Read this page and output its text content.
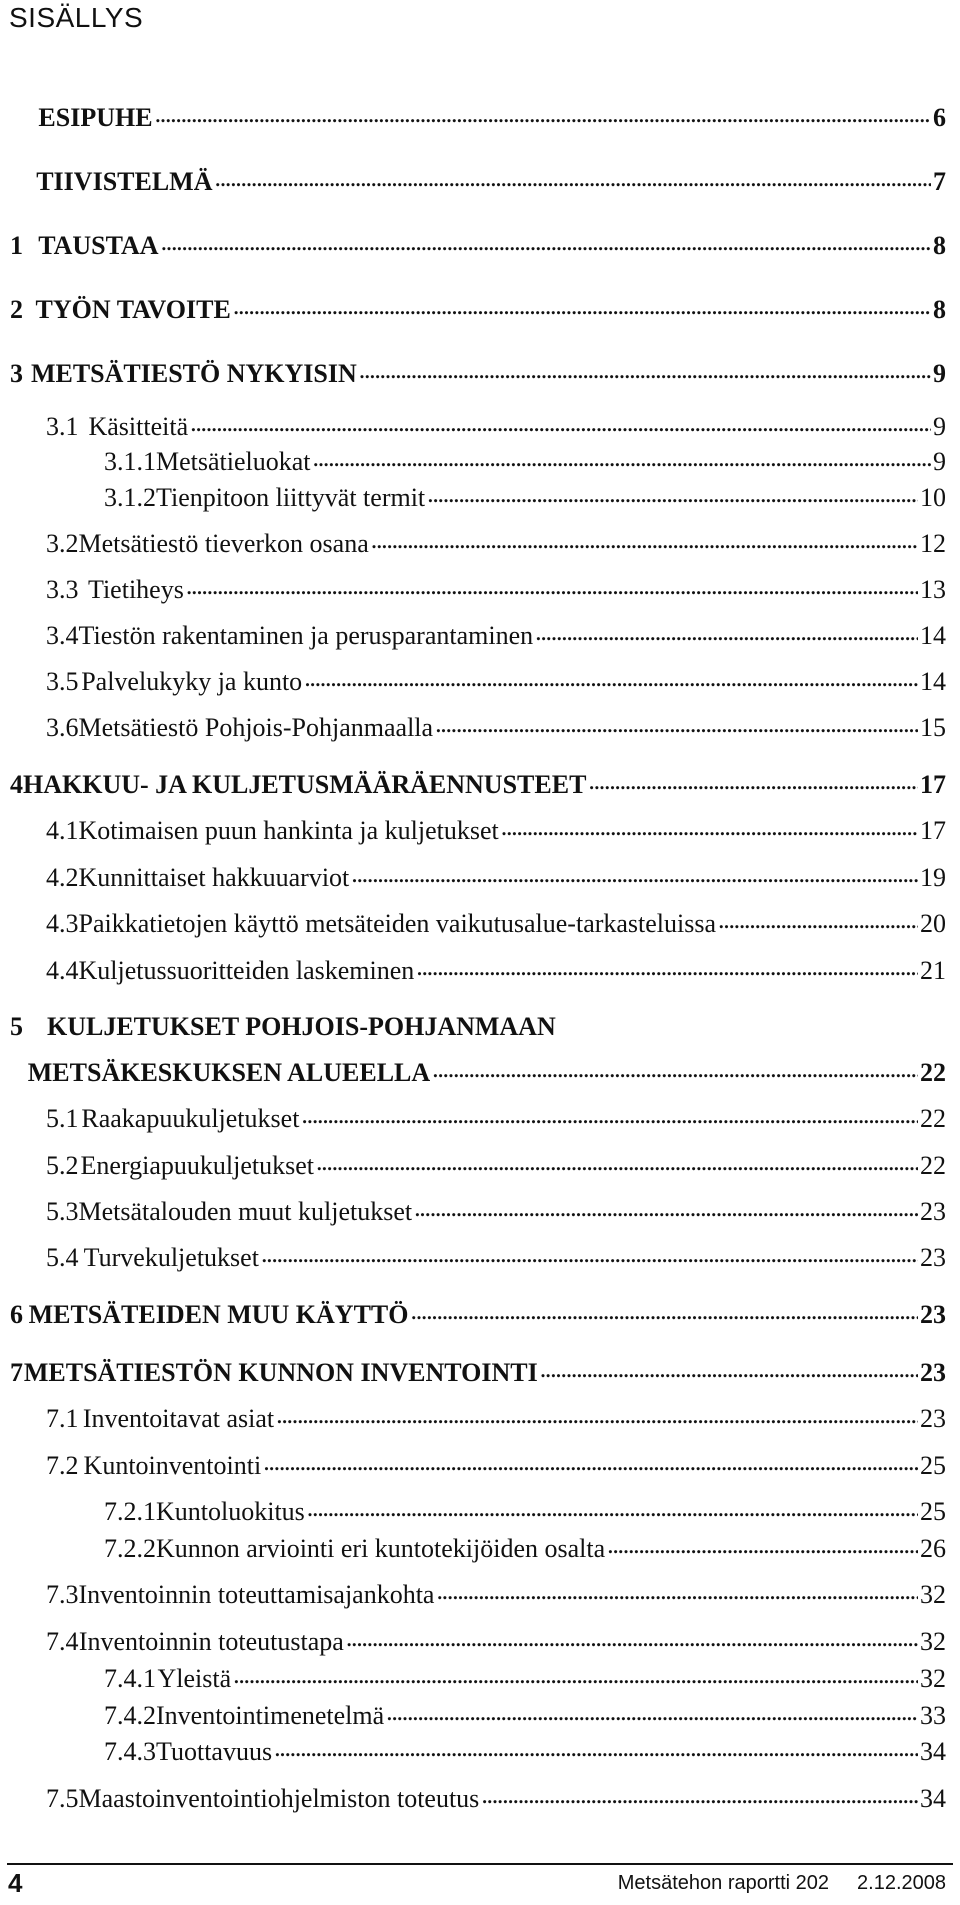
SISÄLLYS
ESIPUHE . . .	6
TIIVISTELMÄ . . .	7
1 TAUSTAA . . .	8
2 TYÖN TAVOITE . . .	8
3 METSÄTIESTÖ NYKYISIN . . .	9
3.1 Käsitteitä . . .	9
3.1.1 Metsätieluokat . . .	9
3.1.2 Tienpitoon liittyvät termit . . .	10
3.2 Metsätiestö tieverkon osana . . .	12
3.3 Tietiheys . . .	13
3.4 Tiestön rakentaminen ja perusparantaminen . . .	14
3.5 Palvelukyky ja kunto . . .	14
3.6 Metsätiestö Pohjois-Pohjanmaalla . . .	15
4 HAKKUU- JA KULJETUSMÄÄRÄENNUSTEET . . .	17
4.1 Kotimaisen puun hankinta ja kuljetukset . . .	17
4.2 Kunnittaiset hakkuuarviot . . .	19
4.3 Paikkatietojen käyttö metsäteiden vaikutusalue-tarkasteluissa . . .	20
4.4 Kuljetussuoritteiden laskeminen . . .	21
5 KULJETUKSET POHJOIS-POHJANMAAN
METSÄKESKUKSEN ALUEELLA . . .	22
5.1 Raakapuukuljetukset . . .	22
5.2 Energiapuukuljetukset . . .	22
5.3 Metsätalouden muut kuljetukset . . .	23
5.4 Turvekuljetukset . . .	23
6 METSÄTEIDEN MUU KÄYTTÖ . . .	23
7 METSÄTIESTÖN KUNNON INVENTOINTI . . .	23
7.1 Inventoitavat asiat . . .	23
7.2 Kuntoinventointi . . .	25
7.2.1 Kuntoluokitus . . .	25
7.2.2 Kunnon arviointi eri kuntotekijöiden osalta . . .	26
7.3 Inventoinnin toteuttamisajankohta . . .	32
7.4 Inventoinnin toteutustapa . . .	32
7.4.1 Yleistä . . .	32
7.4.2 Inventointimenetelmä . . .	33
7.4.3 Tuottavuus . . .	34
7.5 Maastoinventointiohjelmiston toteutus . . .	34
4	Metsätehon raportti 202 2.12.2008
